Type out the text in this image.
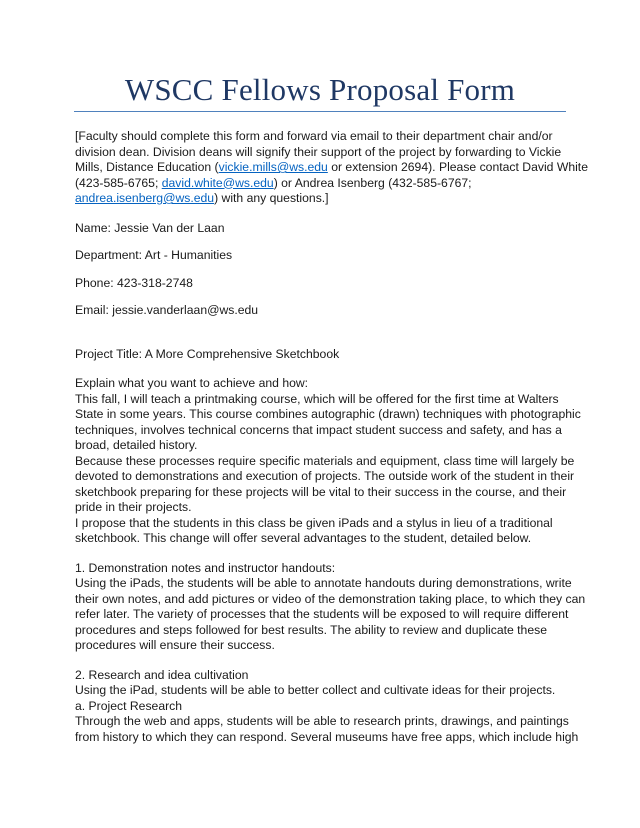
WSCC Fellows Proposal Form
[Faculty should complete this form and forward via email to their department chair and/or
division dean. Division deans will signify their support of the project by forwarding to Vickie
Mills, Distance Education (vickie.mills@ws.edu or extension 2694). Please contact David White
(423-585-6765; david.white@ws.edu) or Andrea Isenberg (432-585-6767;
andrea.isenberg@ws.edu) with any questions.]

Name: Jessie Van der Laan

Department: Art - Humanities

Phone: 423-318-2748

Email: jessie.vanderlaan@ws.edu

Project Title: A More Comprehensive Sketchbook

Explain what you want to achieve and how:

This fall, I will teach a printmaking course, which will be offered for the first time at Walters
State in some years. This course combines autographic (drawn) techniques with photographic
techniques, involves technical concerns that impact student success and safety, and has a
broad, detailed history.
Because these processes require specific materials and equipment, class time will largely be
devoted to demonstrations and execution of projects. The outside work of the student in their
sketchbook preparing for these projects will be vital to their success in the course, and their
pride in their projects.
I propose that the students in this class be given iPads and a stylus in lieu of a traditional
sketchbook. This change will offer several advantages to the student, detailed below.

1. Demonstration notes and instructor handouts:

Using the iPads, the students will be able to annotate handouts during demonstrations, write
their own notes, and add pictures or video of the demonstration taking place, to which they can
refer later. The variety of processes that the students will be exposed to will require different
procedures and steps followed for best results. The ability to review and duplicate these
procedures will ensure their success.

2. Research and idea cultivation

Using the iPad, students will be able to better collect and cultivate ideas for their projects.
a. Project Research
Through the web and apps, students will be able to research prints, drawings, and paintings
from history to which they can respond. Several museums have free apps, which include high
